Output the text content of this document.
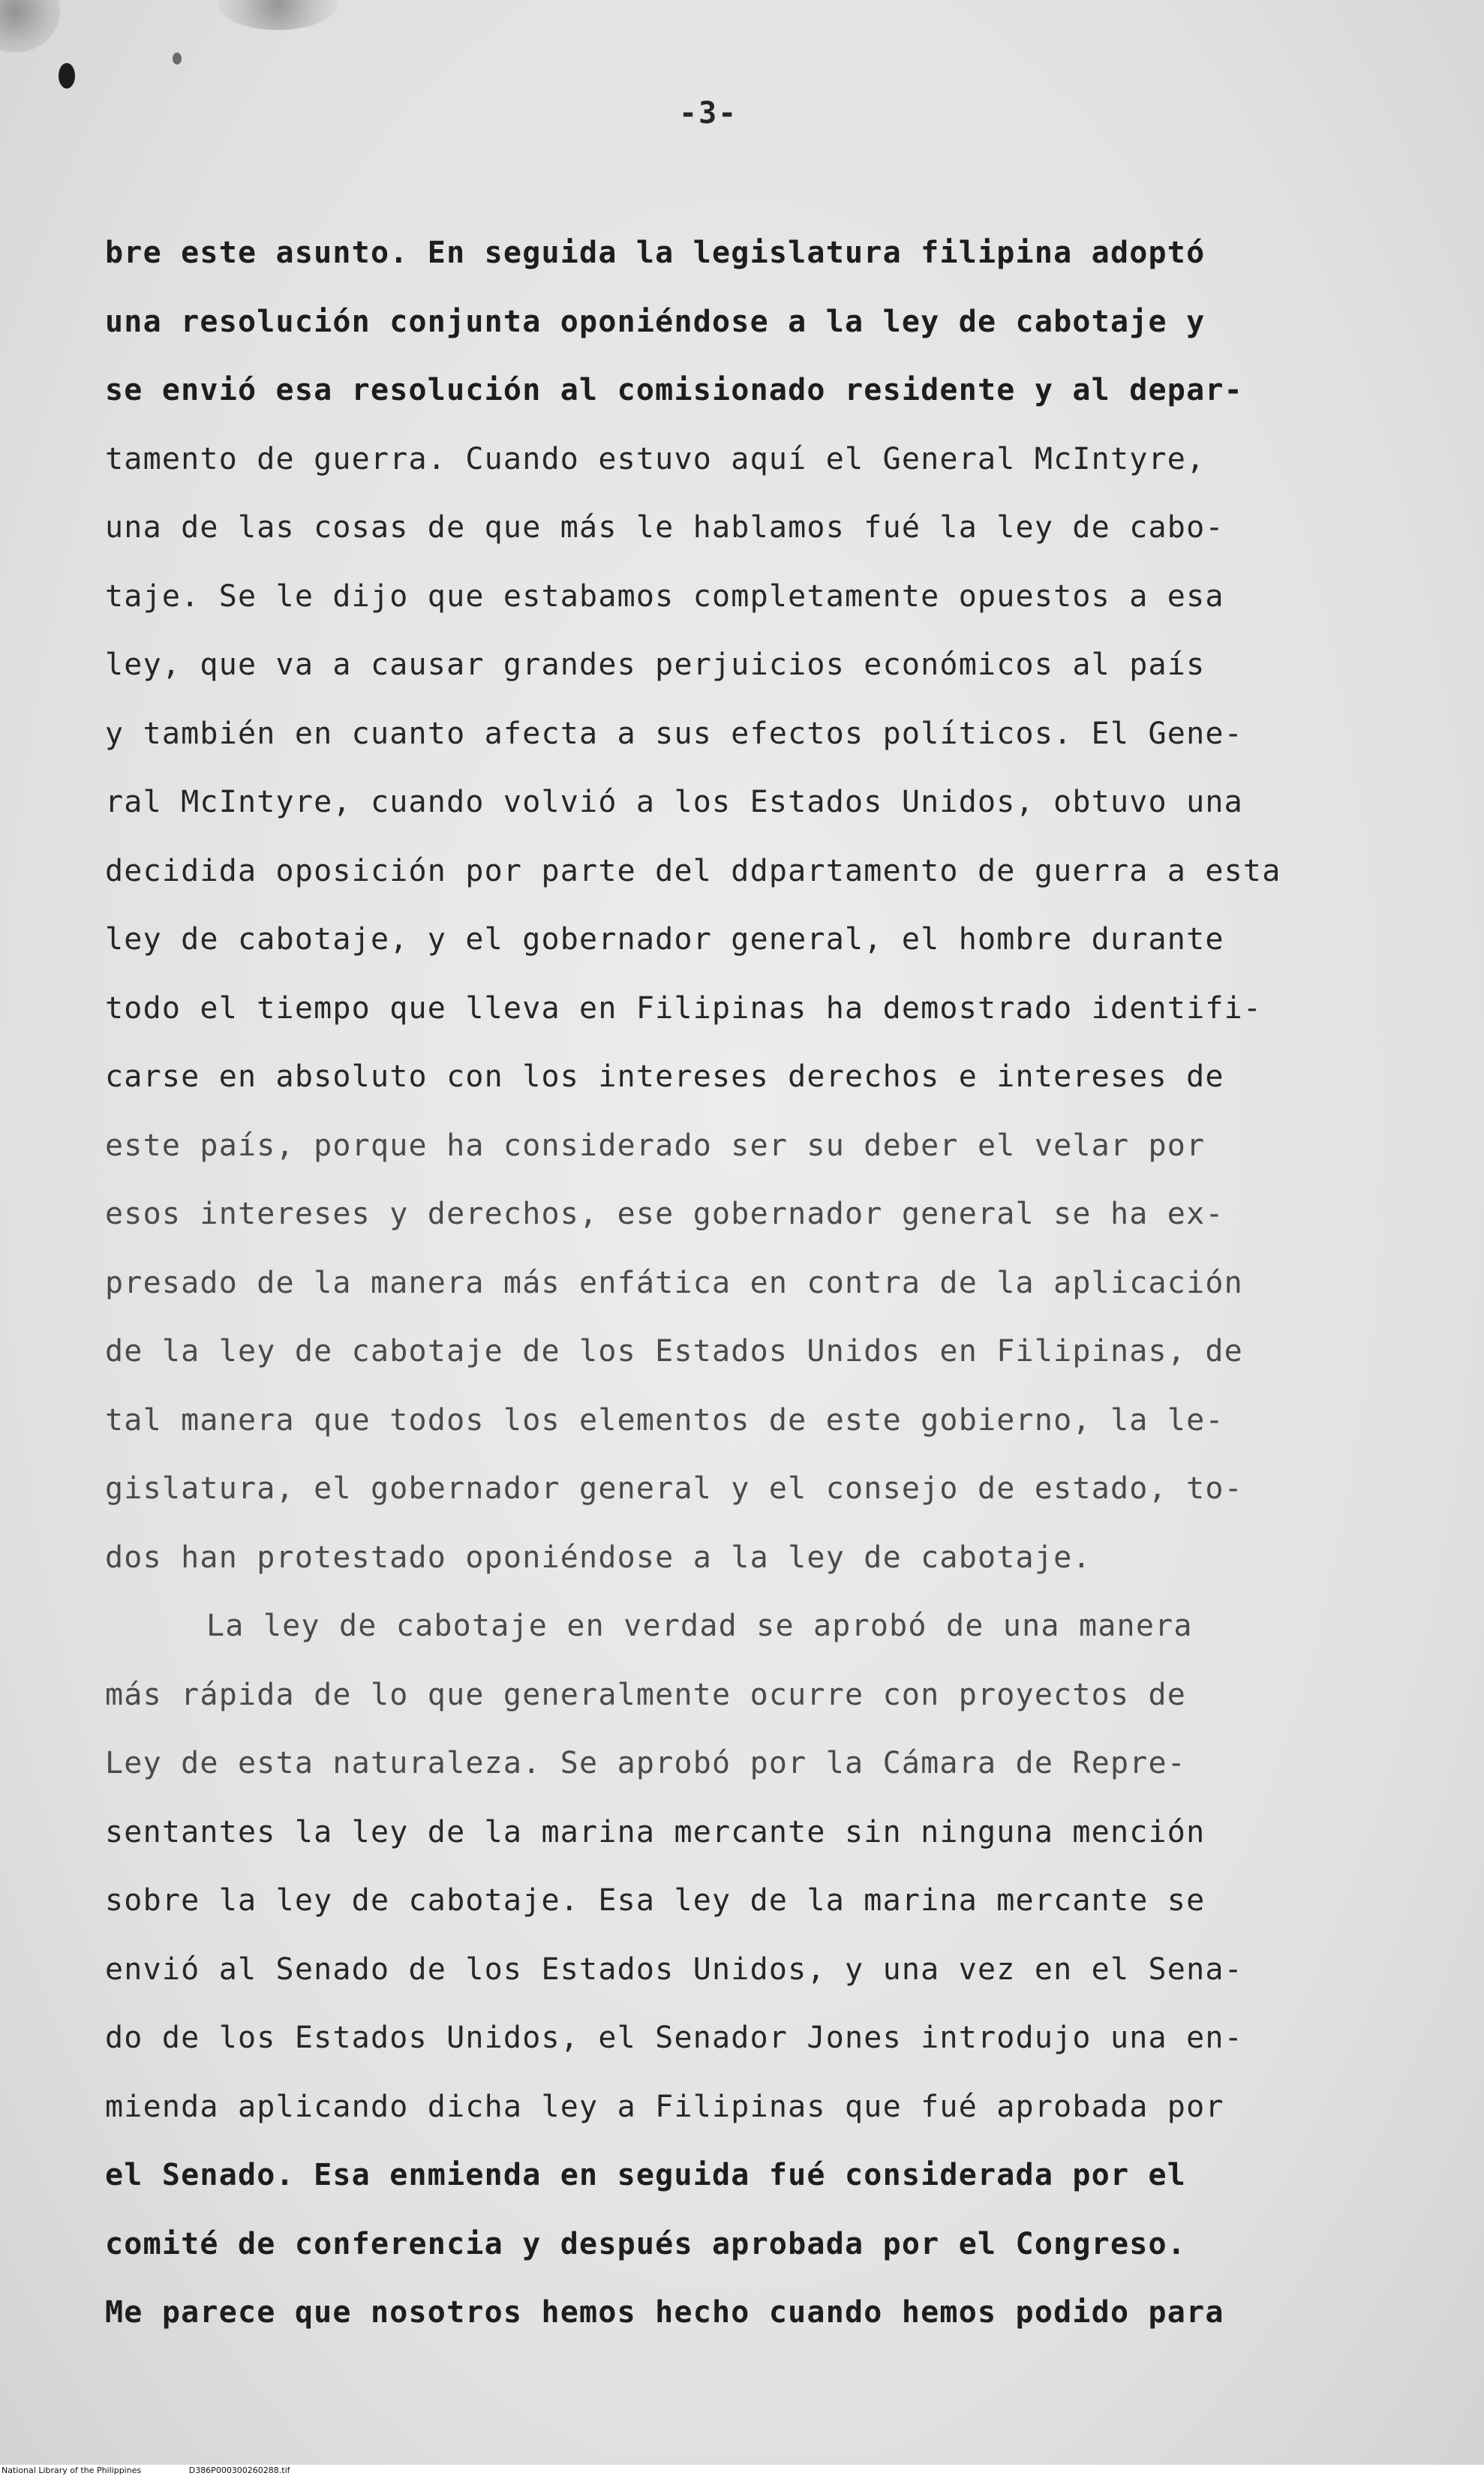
-3-
bre este asunto. En seguida la legislatura filipina adoptó
una resolución conjunta oponiéndose a la ley de cabotaje y
se envió esa resolución al comisionado residente y al depar-
tamento de guerra. Cuando estuvo aquí el General McIntyre,
una de las cosas de que más le hablamos fué la ley de cabo-
taje. Se le dijo que estabamos completamente opuestos a esa
ley, que va a causar grandes perjuicios económicos al país
y también en cuanto afecta a sus efectos políticos. El Gene-
ral McIntyre, cuando volvió a los Estados Unidos, obtuvo una
decidida oposición por parte del ddpartamento de guerra a esta
ley de cabotaje, y el gobernador general, el hombre durante
todo el tiempo que lleva en Filipinas ha demostrado identifi-
carse en absoluto con los intereses derechos e intereses de
este país, porque ha considerado ser su deber el velar por
esos intereses y derechos, ese gobernador general se ha ex-
presado de la manera más enfática en contra de la aplicación
de la ley de cabotaje de los Estados Unidos en Filipinas, de
tal manera que todos los elementos de este gobierno, la le-
gislatura, el gobernador general y el consejo de estado, to-
dos han protestado oponiéndose a la ley de cabotaje.
La ley de cabotaje en verdad se aprobó de una manera
más rápida de lo que generalmente ocurre con proyectos de
Ley de esta naturaleza. Se aprobó por la Cámara de Repre-
sentantes la ley de la marina mercante sin ninguna mención
sobre la ley de cabotaje. Esa ley de la marina mercante se
envió al Senado de los Estados Unidos, y una vez en el Sena-
do de los Estados Unidos, el Senador Jones introdujo una en-
mienda aplicando dicha ley a Filipinas que fué aprobada por
el Senado. Esa enmienda en seguida fué considerada por el
comité de conferencia y después aprobada por el Congreso.
Me parece que nosotros hemos hecho cuando hemos podido para
National Library of the Philippines	D386P000300260288.tif
